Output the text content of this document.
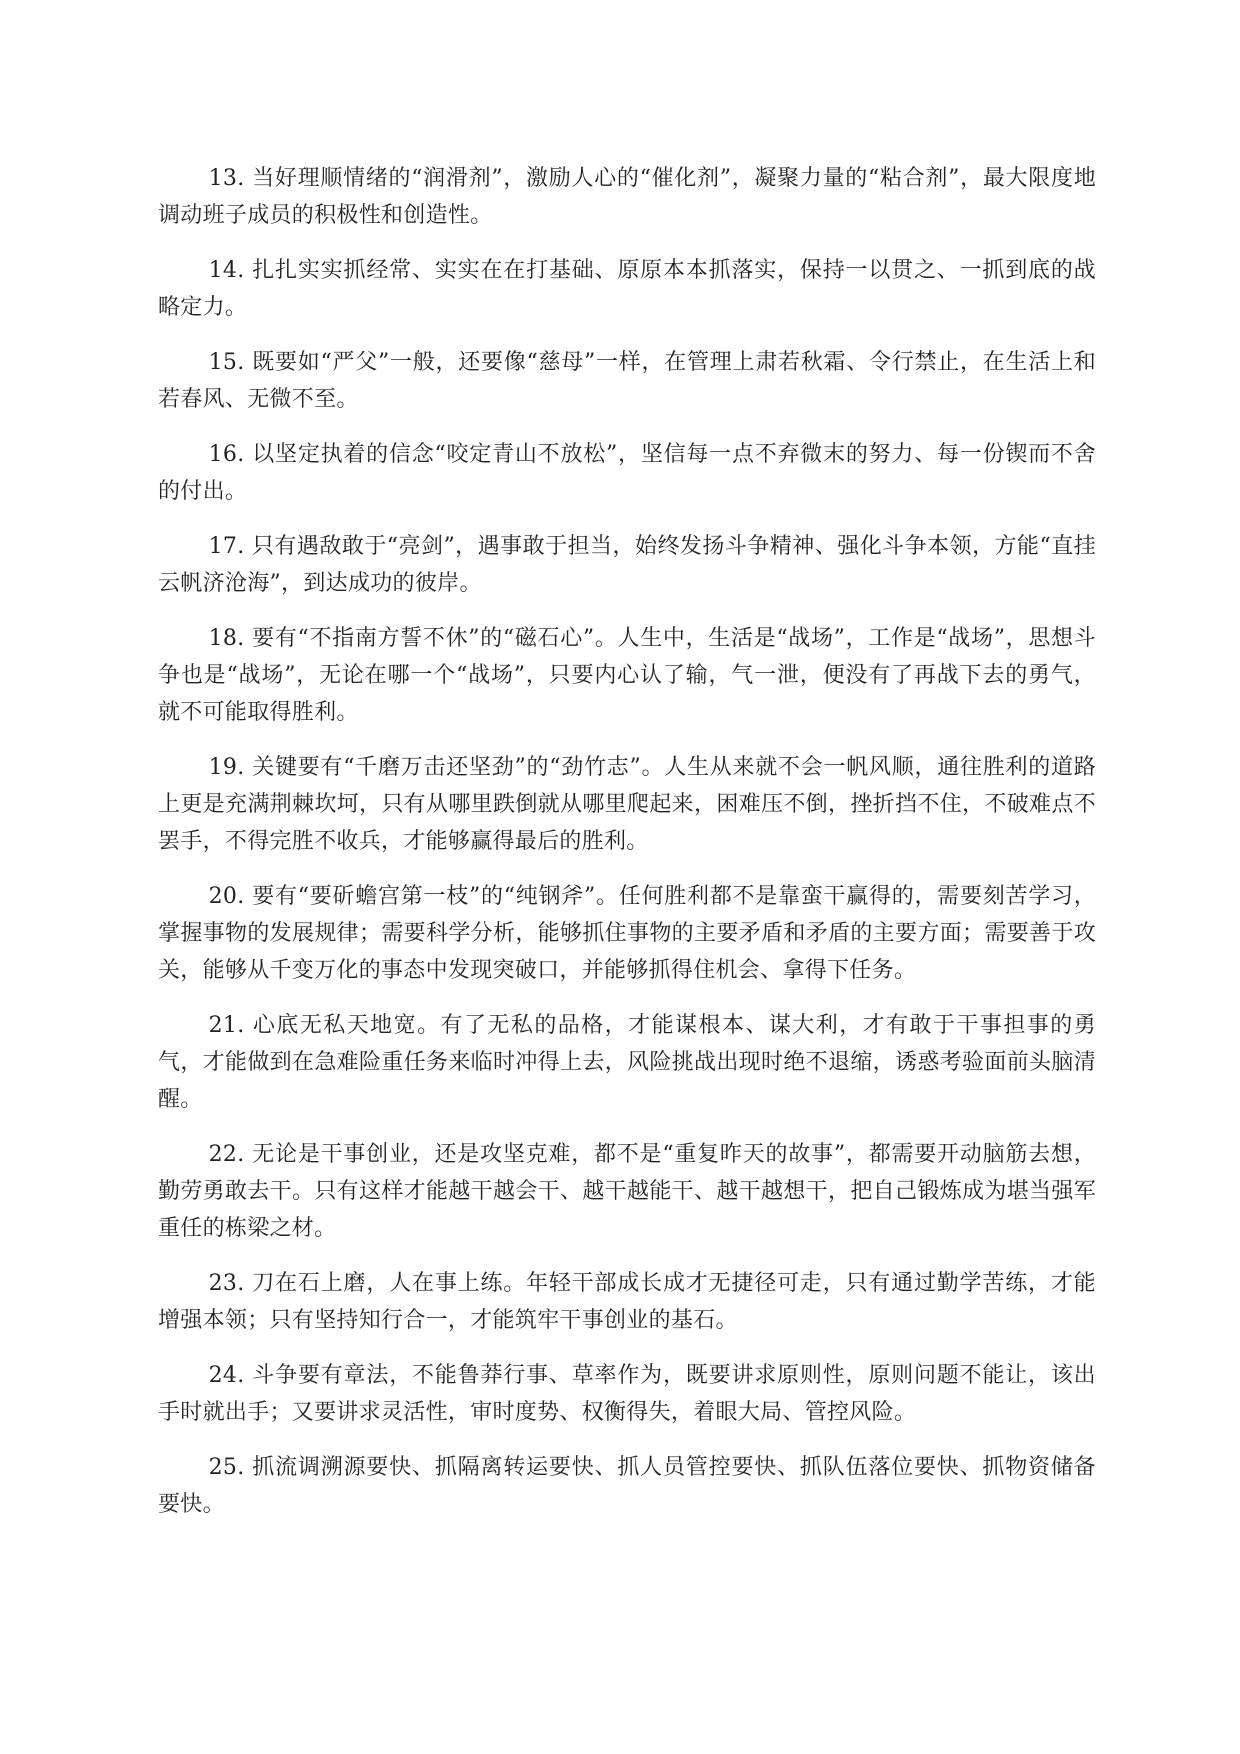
13. 当好理顺情绪的“润滑剂”，激励人心的“催化剂”，凝聚力量的“粘合剂”，最大限度地调动班子成员的积极性和创造性。

14. 扎扎实实抓经常、实实在在打基础、原原本本抓落实，保持一以贯之、一抓到底的战略定力。

15. 既要如“严父”一般，还要像“慈母”一样，在管理上肃若秋霜、令行禁止，在生活上和若春风、无微不至。

16. 以坚定执着的信念“咬定青山不放松”，坚信每一点不弃微末的努力、每一份锲而不舍的付出。

17. 只有遇敌敢于“亮剑”，遇事敢于担当，始终发扬斗争精神、强化斗争本领，方能“直挂云帆济沧海”，到达成功的彼岸。

18. 要有“不指南方誓不休”的“磁石心”。人生中，生活是“战场”，工作是“战场”，思想斗争也是“战场”，无论在哪一个“战场”，只要内心认了输，气一泄，便没有了再战下去的勇气，就不可能取得胜利。

19. 关键要有“千磨万击还坚劲”的“劲竹志”。人生从来就不会一帆风顺，通往胜利的道路上更是充满荆棘坎坷，只有从哪里跌倒就从哪里爬起来，困难压不倒，挫折挡不住，不破难点不罢手，不得完胜不收兵，才能够赢得最后的胜利。

20. 要有“要斫蟾宫第一枝”的“纯钢斧”。任何胜利都不是靠蛮干赢得的，需要刻苦学习，掌握事物的发展规律；需要科学分析，能够抓住事物的主要矛盾和矛盾的主要方面；需要善于攻关，能够从千变万化的事态中发现突破口，并能够抓得住机会、拿得下任务。

21. 心底无私天地宽。有了无私的品格，才能谋根本、谋大利，才有敢于干事担事的勇气，才能做到在急难险重任务来临时冲得上去，风险挑战出现时绝不退缩，诱惑考验面前头脑清醒。

22. 无论是干事创业，还是攻坚克难，都不是“重复昨天的故事”，都需要开动脑筋去想，勤劳勇敢去干。只有这样才能越干越会干、越干越能干、越干越想干，把自己锻炼成为堪当强军重任的栋梁之材。

23. 刀在石上磨，人在事上练。年轻干部成长成才无捷径可走，只有通过勤学苦练，才能增强本领；只有坚持知行合一，才能筑牢干事创业的基石。

24. 斗争要有章法，不能鲁莽行事、草率作为，既要讲求原则性，原则问题不能让，该出手时就出手；又要讲求灵活性，审时度势、权衡得失，着眼大局、管控风险。

25. 抓流调溯源要快、抓隔离转运要快、抓人员管控要快、抓队伍落位要快、抓物资储备要快。
